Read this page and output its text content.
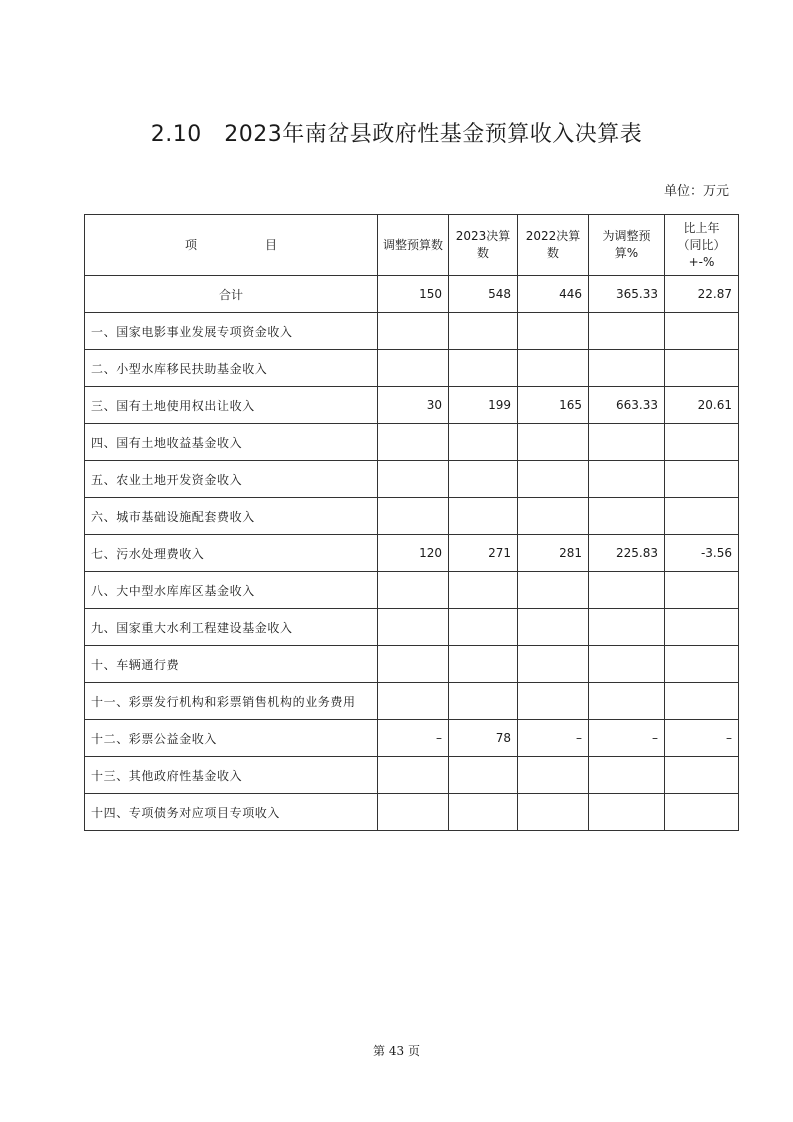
2.10　2023年南岔县政府性基金预算收入决算表
单位：万元
项 目	调整预算数	2023决算数	2022决算数	为调整预算%	比上年
（同比）
+-%
合计	150	548	446	365.33	22.87
一、国家电影事业发展专项资金收入					
二、小型水库移民扶助基金收入					
三、国有土地使用权出让收入	30	199	165	663.33	20.61
四、国有土地收益基金收入					
五、农业土地开发资金收入					
六、城市基础设施配套费收入					
七、污水处理费收入	120	271	281	225.83	-3.56
八、大中型水库库区基金收入					
九、国家重大水利工程建设基金收入					
十、车辆通行费					
十一、彩票发行机构和彩票销售机构的业务费用					
十二、彩票公益金收入	–	78	–	–	–
十三、其他政府性基金收入					
十四、专项债务对应项目专项收入					
第 43 页
